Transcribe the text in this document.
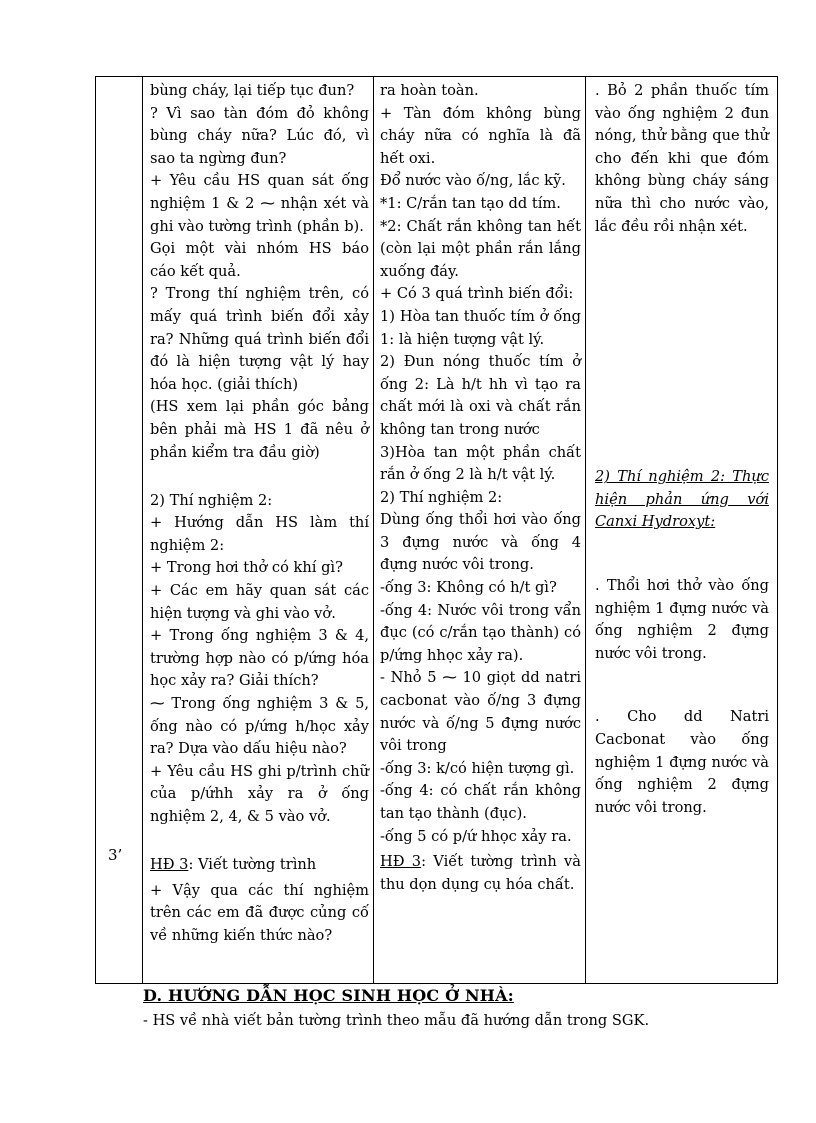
3’

bùng cháy, lại tiếp tục đun?
? Vì sao tàn đóm đỏ không bùng cháy nữa? Lúc đó, vì sao ta ngừng đun?
+ Yêu cầu HS quan sát ống nghiệm 1 & 2 ⁓ nhận xét và ghi vào tường trình (phần b).
Gọi một vài nhóm HS báo cáo kết quả.
? Trong thí nghiệm trên, có mấy quá trình biến đổi xảy ra? Những quá trình biến đổi đó là hiện tượng vật lý hay hóa học. (giải thích)
(HS xem lại phần góc bảng bên phải mà HS 1 đã nêu ở phần kiểm tra đầu giờ)
2) Thí nghiệm 2:
+ Hướng dẫn HS làm thí nghiệm 2:
+ Trong hơi thở có khí gì?
+ Các em hãy quan sát các hiện tượng và ghi vào vở.
+ Trong ống nghiệm 3 & 4, trường hợp nào có p/ứng hóa học xảy ra? Giải thích?
⁓ Trong ống nghiệm 3 & 5, ống nào có p/ứng h/học xảy ra? Dựa vào dấu hiệu nào?
+ Yêu cầu HS ghi p/trình chữ của p/ứhh xảy ra ở ống nghiệm 2, 4, & 5 vào vở.
HĐ 3: Viết tường trình
+ Vậy qua các thí nghiệm trên các em đã được củng cố về những kiến thức nào?

ra hoàn toàn.
+ Tàn đóm không bùng cháy nữa có nghĩa là đã hết oxi.
Đổ nước vào ố/ng, lắc kỹ.
*1: C/rắn tan tạo dd tím.
*2: Chất rắn không tan hết (còn lại một phần rắn lắng xuống đáy.
+ Có 3 quá trình biến đổi:
1) Hòa tan thuốc tím ở ống 1: là hiện tượng vật lý.
2) Đun nóng thuốc tím ở ống 2: Là h/t hh vì tạo ra chất mới là oxi và chất rắn không tan trong nước
3)Hòa tan một phần chất rắn ở ống 2 là h/t vật lý.
2) Thí nghiệm 2:
Dùng ống thổi hơi vào ống 3 đựng nước và ống 4 đựng nước vôi trong.
-ống 3: Không có h/t gì?
-ống 4: Nước vôi trong vẩn đục (có c/rắn tạo thành) có p/ứng hhọc xảy ra).
- Nhỏ 5 ⁓ 10 giọt dd natri cacbonat vào ố/ng 3 đựng nước và ố/ng 5 đựng nước vôi trong
-ống 3: k/có hiện tượng gì.
-ống 4: có chất rắn không tan tạo thành (đục).
-ống 5 có p/ứ hhọc xảy ra.
HĐ 3: Viết tường trình và thu dọn dụng cụ hóa chất.

. Bỏ 2 phần thuốc tím vào ống nghiệm 2 đun nóng, thử bằng que thử cho đến khi que đóm không bùng cháy sáng nữa thì cho nước vào, lắc đều rồi nhận xét.
2) Thí nghiệm 2: Thực hiện phản ứng với Canxi Hydroxyt:
. Thổi hơi thở vào ống nghiệm 1 đựng nước và ống nghiệm 2 đựng nước vôi trong.
. Cho dd Natri Cacbonat vào ống nghiệm 1 đựng nước và ống nghiệm 2 đựng nước vôi trong.
D. HƯỚNG DẪN HỌC SINH HỌC Ở NHÀ:
- HS về nhà viết bản tường trình theo mẫu đã hướng dẫn trong SGK.
